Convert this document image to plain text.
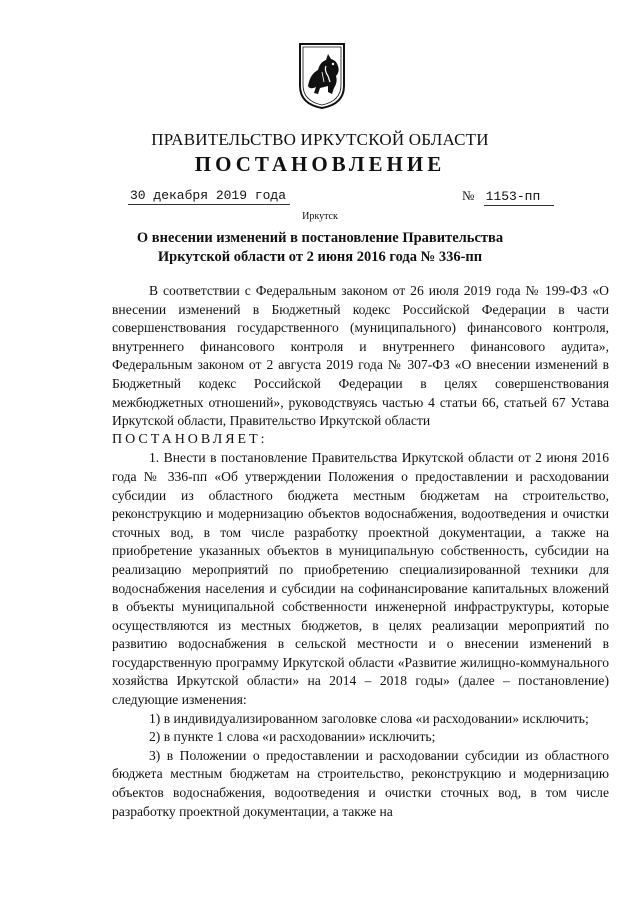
ПРАВИТЕЛЬСТВО ИРКУТСКОЙ ОБЛАСТИ
ПОСТАНОВЛЕНИЕ
30 декабря 2019 года	№ 1153-пп
Иркутск
О внесении изменений в постановление Правительства Иркутской области от 2 июня 2016 года № 336-пп

В соответствии с Федеральным законом от 26 июля 2019 года № 199-ФЗ «О внесении изменений в Бюджетный кодекс Российской Федерации в части совершенствования государственного (муниципального) финансового контроля, внутреннего финансового контроля и внутреннего финансового аудита», Федеральным законом от 2 августа 2019 года № 307-ФЗ «О внесении изменений в Бюджетный кодекс Российской Федерации в целях совершенствования межбюджетных отношений», руководствуясь частью 4 статьи 66, статьей 67 Устава Иркутской области, Правительство Иркутской области

ПОСТАНОВЛЯЕТ:

1. Внести в постановление Правительства Иркутской области от 2 июня 2016 года № 336-пп «Об утверждении Положения о предоставлении и расходовании субсидии из областного бюджета местным бюджетам на строительство, реконструкцию и модернизацию объектов водоснабжения, водоотведения и очистки сточных вод, в том числе разработку проектной документации, а также на приобретение указанных объектов в муниципальную собственность, субсидии на реализацию мероприятий по приобретению специализированной техники для водоснабжения населения и субсидии на софинансирование капитальных вложений в объекты муниципальной собственности инженерной инфраструктуры, которые осуществляются из местных бюджетов, в целях реализации мероприятий по развитию водоснабжения в сельской местности и о внесении изменений в государственную программу Иркутской области «Развитие жилищно-коммунального хозяйства Иркутской области» на 2014 – 2018 годы» (далее – постановление) следующие изменения:

1) в индивидуализированном заголовке слова «и расходовании» исключить;

2) в пункте 1 слова «и расходовании» исключить;

3) в Положении о предоставлении и расходовании субсидии из областного бюджета местным бюджетам на строительство, реконструкцию и модернизацию объектов водоснабжения, водоотведения и очистки сточных вод, в том числе разработку проектной документации, а также на
